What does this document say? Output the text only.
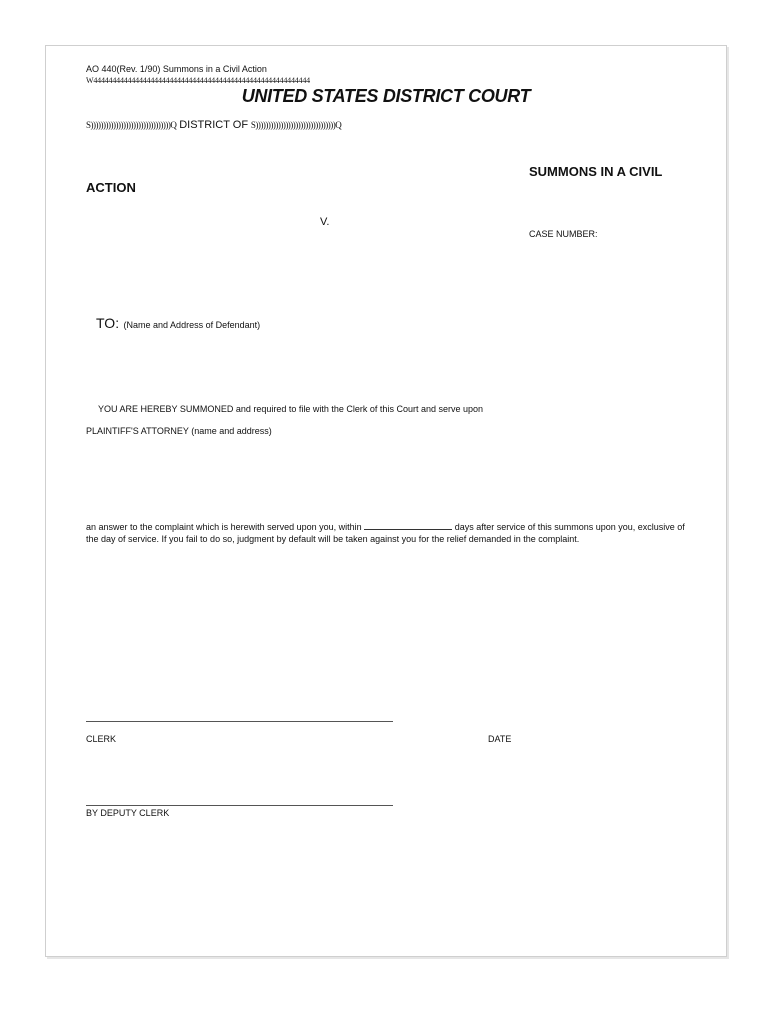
AO 440(Rev. 1/90) Summons in a Civil Action
W444444444444444444444444444444444444444444444444444444444
UNITED STATES DISTRICT COURT
S))))))))))))))))))))))))))))))))Q DISTRICT OF S))))))))))))))))))))))))))))))))Q
SUMMONS IN A CIVIL
ACTION
V.
CASE NUMBER:
TO: (Name and Address of Defendant)
YOU ARE HEREBY SUMMONED and required to file with the Clerk of this Court and serve upon
PLAINTIFF'S ATTORNEY (name and address)
an answer to the complaint which is herewith served upon you, within	days after service of this summons upon you, exclusive of the day of service. If you fail to do so, judgment by default will be taken against you for the relief demanded in the complaint.
CLERK	DATE
BY DEPUTY CLERK
